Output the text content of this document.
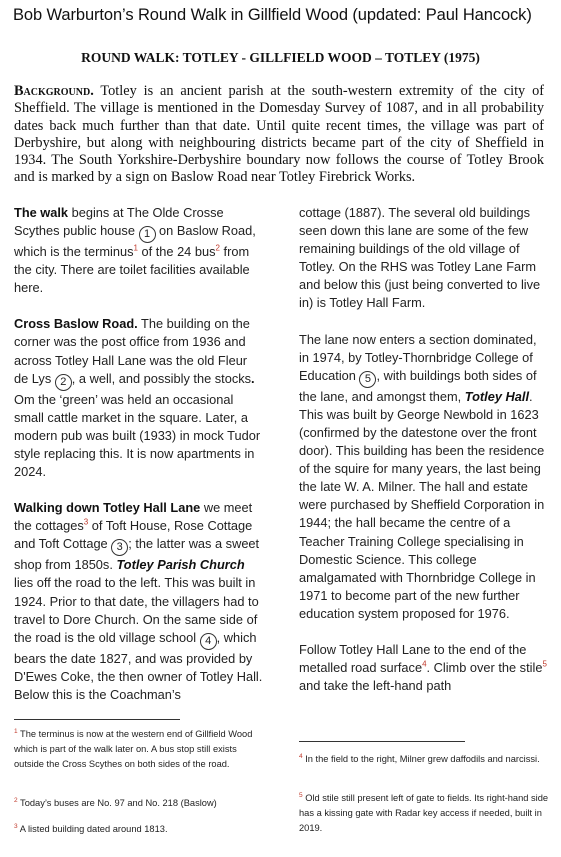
Bob Warburton’s Round Walk in Gillfield Wood (updated: Paul Hancock)
ROUND WALK: TOTLEY - GILLFIELD WOOD – TOTLEY (1975)
Background. Totley is an ancient parish at the south-western extremity of the city of Sheffield. The village is mentioned in the Domesday Survey of 1087, and in all probability dates back much further than that date. Until quite recent times, the village was part of Derbyshire, but along with neighbouring districts became part of the city of Sheffield in 1934. The South Yorkshire-Derbyshire boundary now follows the course of Totley Brook and is marked by a sign on Baslow Road near Totley Firebrick Works.

The walk begins at The Olde Crosse Scythes public house 1 on Baslow Road, which is the terminus$^1$ of the 24 bus$^2$ from the city. There are toilet facilities available here.

Cross Baslow Road. The building on the corner was the post office from 1936 and across Totley Hall Lane was the old Fleur de Lys 2 , a well, and possibly the stocks. Om the ‘green’ was held an occasional small cattle market in the square. Later, a modern pub was built (1933) in mock Tudor style replacing this. It is now apartments in 2024.

Walking down Totley Hall Lane we meet the cottages$^3$ of Toft House, Rose Cottage and Toft Cottage 3 ; the latter was a sweet shop from 1850s. Totley Parish Church lies off the road to the left. This was built in 1924. Prior to that date, the villagers had to travel to Dore Church. On the same side of the road is the old village school 4 , which bears the date 1827, and was provided by D'Ewes Coke, the then owner of Totley Hall. Below this is the Coachman’s

cottage (1887). The several old buildings seen down this lane are some of the few remaining buildings of the old village of Totley. On the RHS was Totley Lane Farm and below this (just being converted to live in) is Totley Hall Farm.

The lane now enters a section dominated, in 1974, by Totley-Thornbridge College of Education 5 , with buildings both sides of the lane, and amongst them, Totley Hall. This was built by George Newbold in 1623 (confirmed by the datestone over the front door). This building has been the residence of the squire for many years, the last being the late W. A. Milner. The hall and estate were purchased by Sheffield Corporation in 1944; the hall became the centre of a Teacher Training College specialising in Domestic Science. This college amalgamated with Thornbridge College in 1971 to become part of the new further education system proposed for 1976.

Follow Totley Hall Lane to the end of the metalled road surface$^4$. Climb over the stile$^5$ and take the left-hand path

$^1$ The terminus is now at the western end of Gillfield Wood which is part of the walk later on. A bus stop still exists outside the Cross Scythes on both sides of the road.
$^2$ Today’s buses are No. 97 and No. 218 (Baslow)
$^3$ A listed building dated around 1813.
$^4$ In the field to the right, Milner grew daffodils and narcissi.
$^5$ Old stile still present left of gate to fields. Its right-hand side has a kissing gate with Radar key access if needed, built in 2019.
